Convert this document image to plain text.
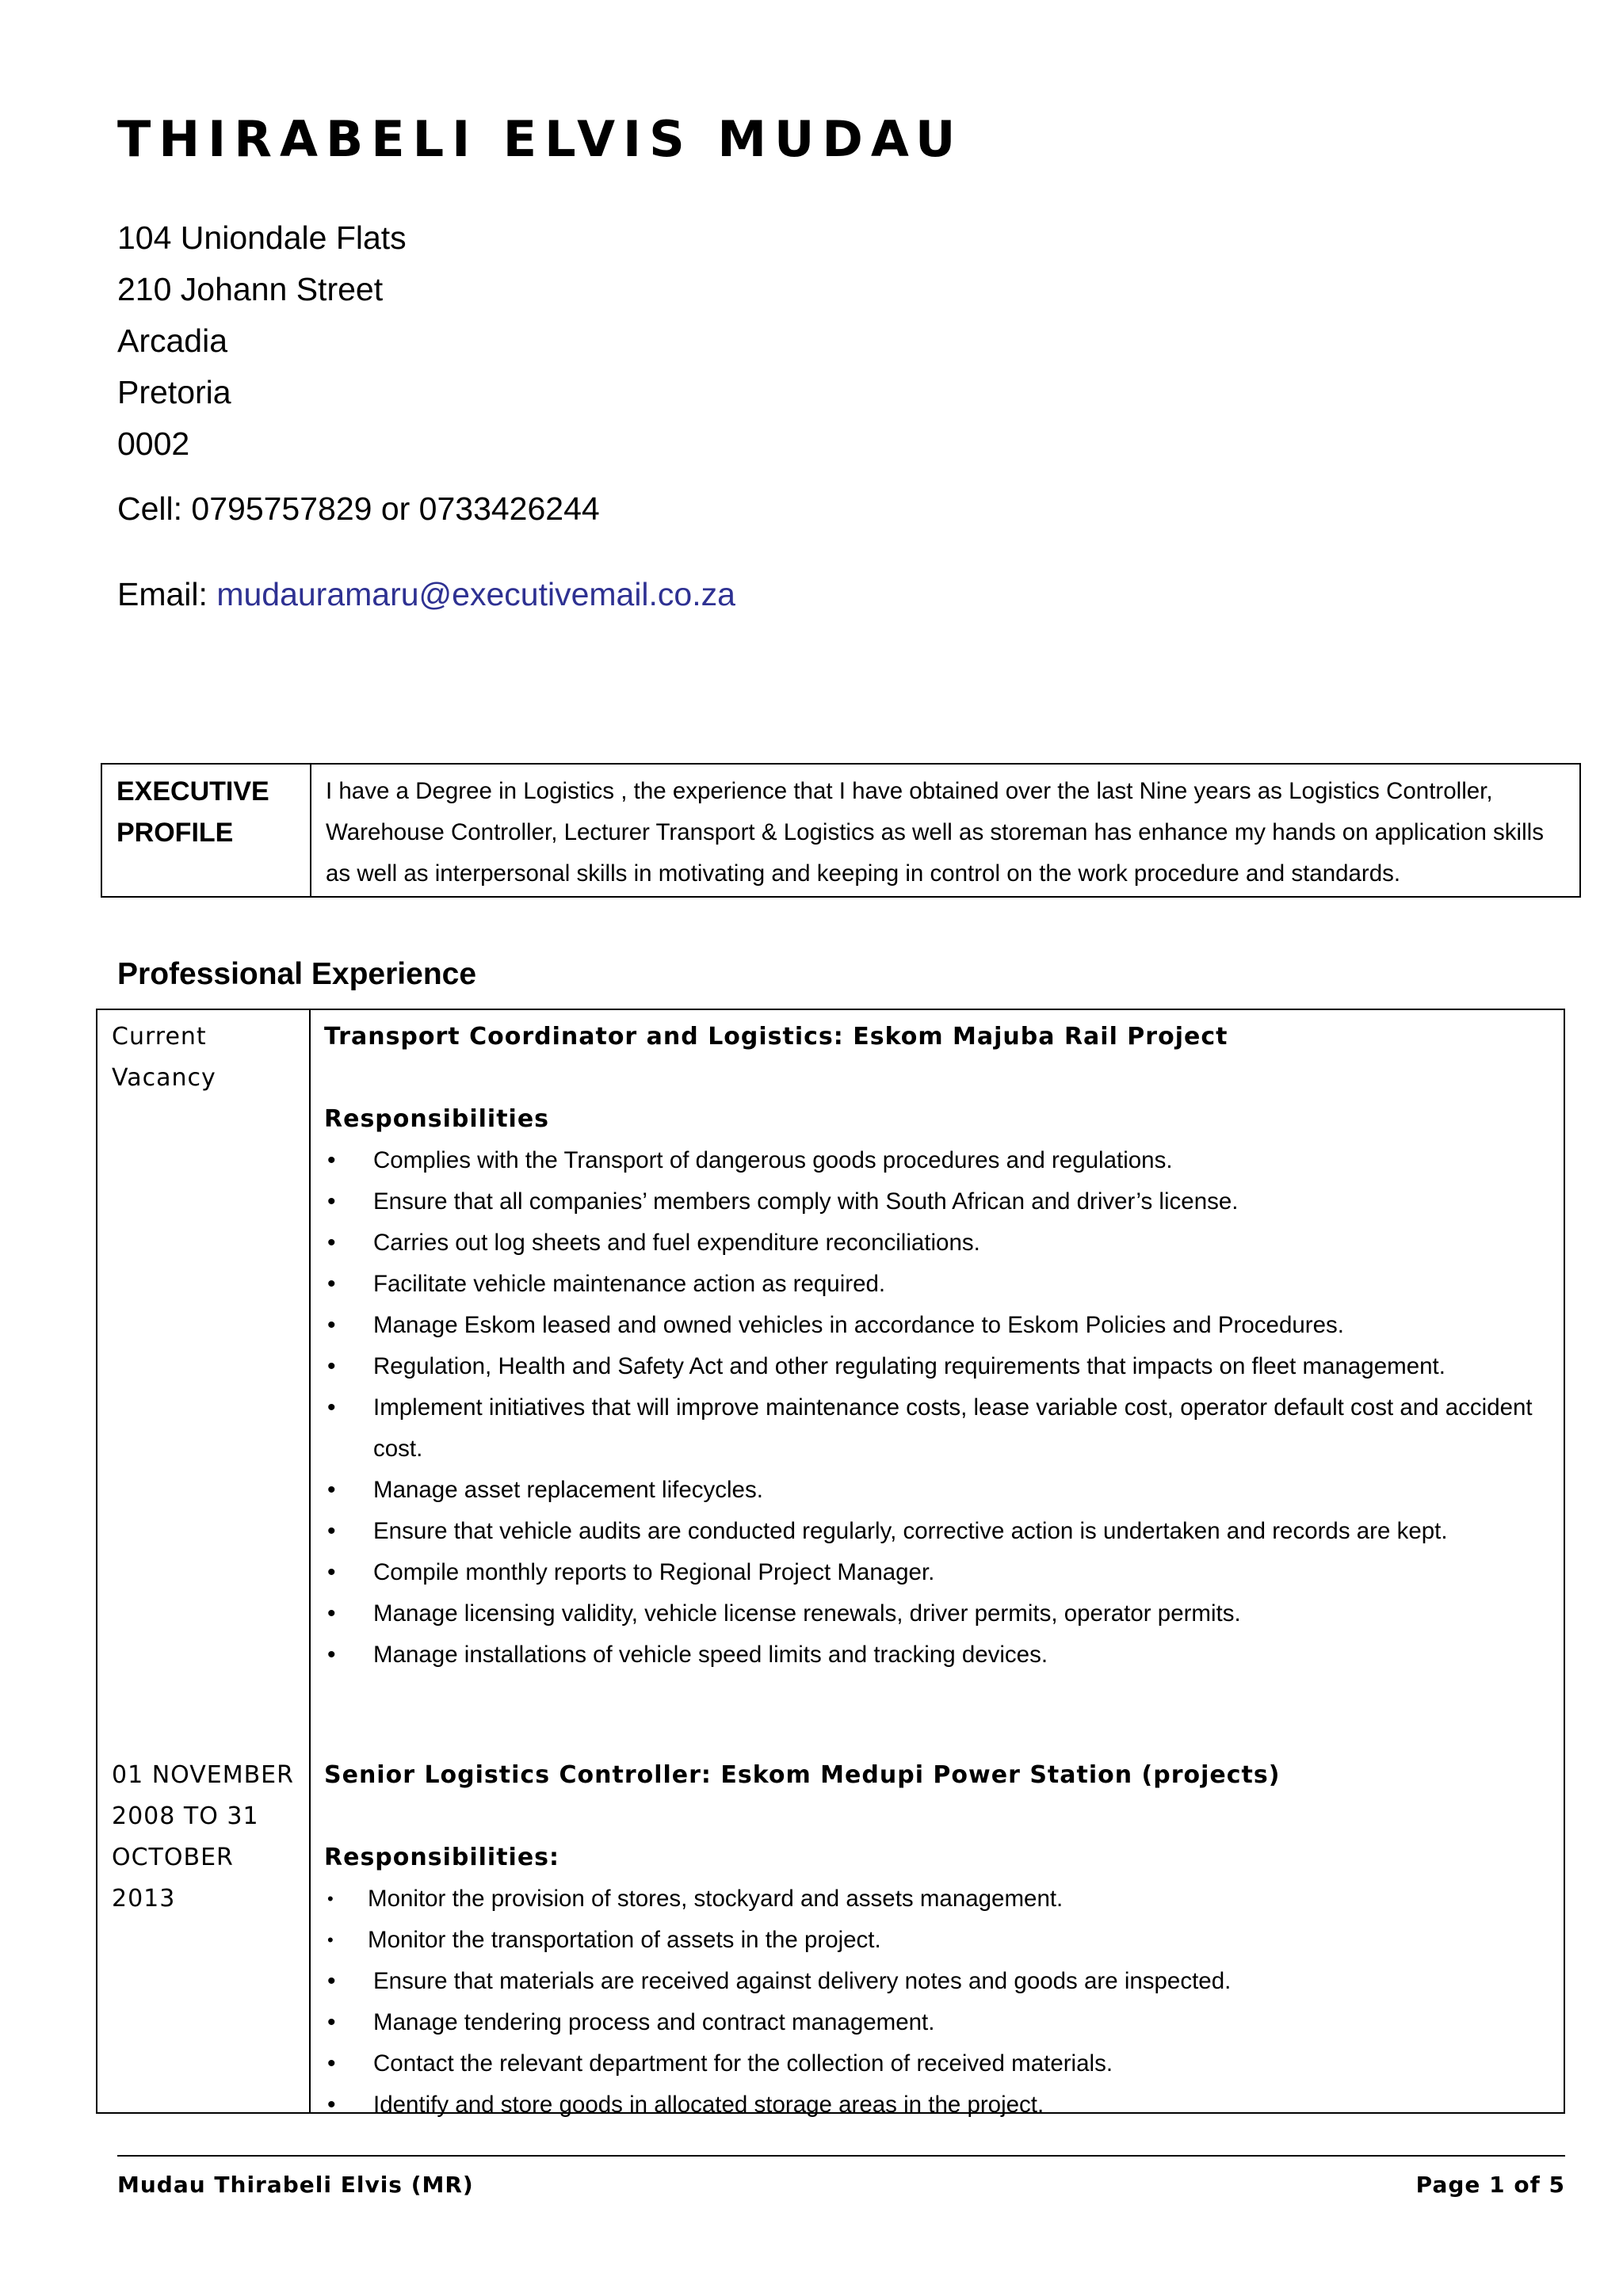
THIRABELI ELVIS MUDAU
104 Uniondale Flats
210 Johann Street
Arcadia
Pretoria
0002
Cell: 0795757829 or 0733426244
Email: mudauramaru@executivemail.co.za
EXECUTIVE
PROFILE
I have a Degree in Logistics , the experience that I have obtained over the last Nine years as Logistics Controller, Warehouse Controller, Lecturer Transport & Logistics as well as storeman has enhance my hands on application skills as well as interpersonal skills in motivating and keeping in control on the work procedure and standards.
Professional Experience
Current
Vacancy
Transport Coordinator and Logistics: Eskom Majuba Rail Project
Responsibilities
• Complies with the Transport of dangerous goods procedures and regulations.
• Ensure that all companies’ members comply with South African and driver’s license.
• Carries out log sheets and fuel expenditure reconciliations.
• Facilitate vehicle maintenance action as required.
• Manage Eskom leased and owned vehicles in accordance to Eskom Policies and Procedures.
• Regulation, Health and Safety Act and other regulating requirements that impacts on fleet management.
• Implement initiatives that will improve maintenance costs, lease variable cost, operator default cost and accident cost.
• Manage asset replacement lifecycles.
• Ensure that vehicle audits are conducted regularly, corrective action is undertaken and records are kept.
• Compile monthly reports to Regional Project Manager.
• Manage licensing validity, vehicle license renewals, driver permits, operator permits.
• Manage installations of vehicle speed limits and tracking devices.
01 NOVEMBER
2008 TO 31
OCTOBER
2013
Senior Logistics Controller: Eskom Medupi Power Station (projects)
Responsibilities:
• Monitor the provision of stores, stockyard and assets management.
• Monitor the transportation of assets in the project.
• Ensure that materials are received against delivery notes and goods are inspected.
• Manage tendering process and contract management.
• Contact the relevant department for the collection of received materials.
• Identify and store goods in allocated storage areas in the project.
Mudau Thirabeli Elvis (MR)	Page 1 of 5
